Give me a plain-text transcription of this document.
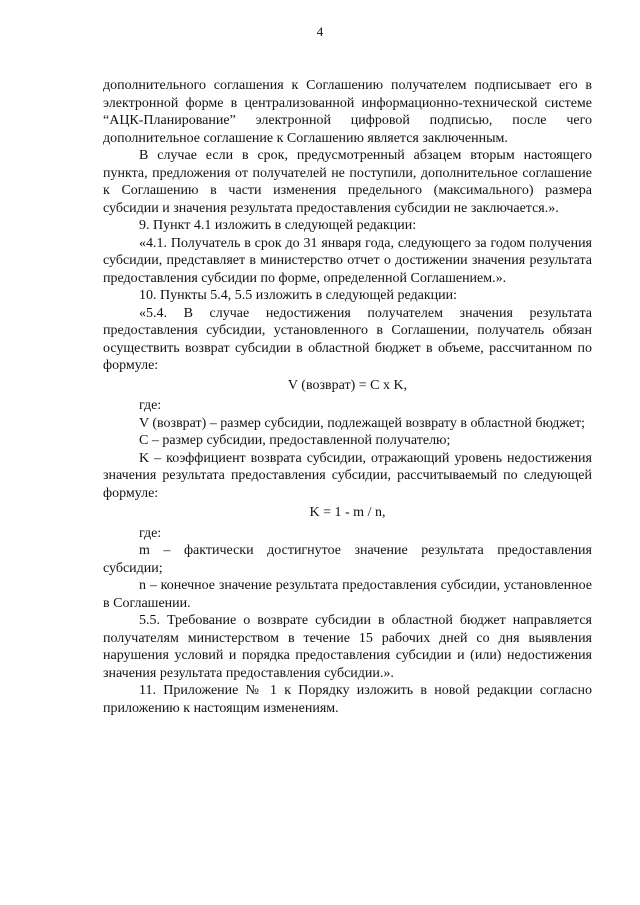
4

дополнительного соглашения к Соглашению получателем подписывает его в электронной форме в централизованной информационно-технической системе “АЦК-Планирование” электронной цифровой подписью, после чего дополнительное соглашение к Соглашению является заключенным.

В случае если в срок, предусмотренный абзацем вторым настоящего пункта, предложения от получателей не поступили, дополнительное соглашение к Соглашению в части изменения предельного (максимального) размера субсидии и значения результата предоставления субсидии не заключается.».

9. Пункт 4.1 изложить в следующей редакции:

«4.1. Получатель в срок до 31 января года, следующего за годом получения субсидии, представляет в министерство отчет о достижении значения результата предоставления субсидии по форме, определенной Соглашением.».

10. Пункты 5.4, 5.5 изложить в следующей редакции:

«5.4. В случае недостижения получателем значения результата предоставления субсидии, установленного в Соглашении, получатель обязан осуществить возврат субсидии в областной бюджет в объеме, рассчитанном по формуле:

V (возврат) = C x K,

где:

V (возврат) – размер субсидии, подлежащей возврату в областной бюджет;

C – размер субсидии, предоставленной получателю;

K – коэффициент возврата субсидии, отражающий уровень недостижения значения результата предоставления субсидии, рассчитываемый по следующей формуле:

K = 1 - m / n,

где:

m – фактически достигнутое значение результата предоставления субсидии;

n – конечное значение результата предоставления субсидии, установленное в Соглашении.

5.5. Требование о возврате субсидии в областной бюджет направляется получателям министерством в течение 15 рабочих дней со дня выявления нарушения условий и порядка предоставления субсидии и (или) недостижения значения результата предоставления субсидии.».

11. Приложение № 1 к Порядку изложить в новой редакции согласно приложению к настоящим изменениям.
